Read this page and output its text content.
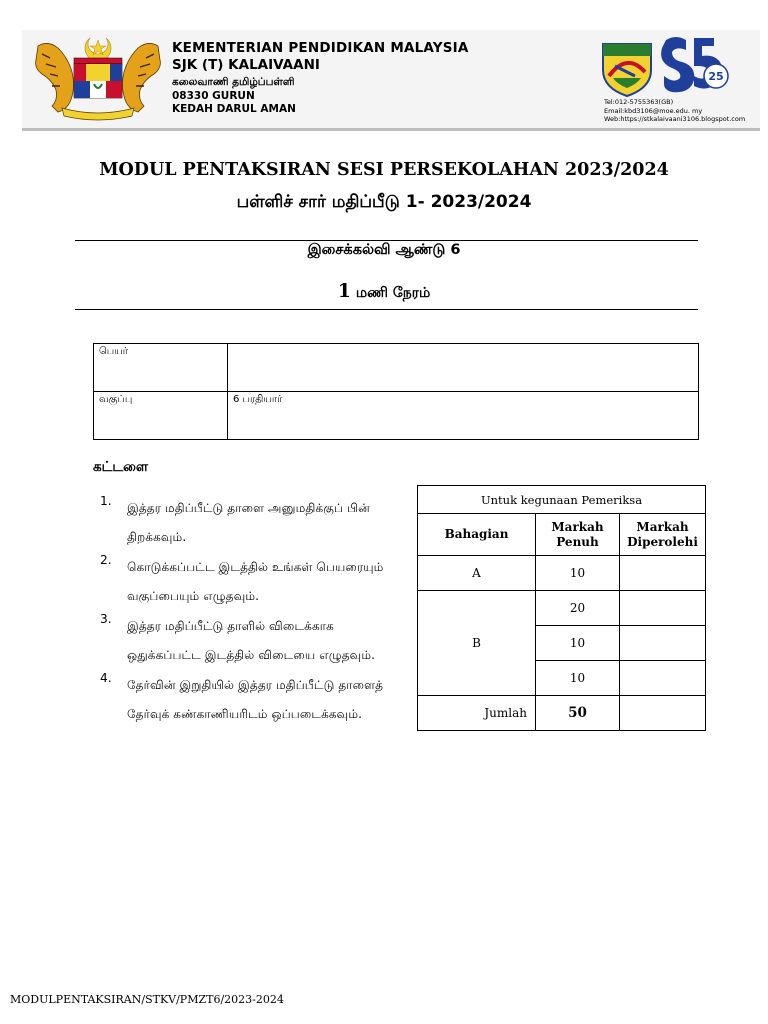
KEMENTERIAN PENDIDIKAN MALAYSIA
SJK (T) KALAIVAANI
கலைவாணி தமிழ்ப்பள்ளி
08330 GURUN
KEDAH DARUL AMAN
25
Tel:012-5755363(GB)
Email:kbd3106@moe.edu. my
Web:https://stkalaivaani3106.blogspot.com
MODUL PENTAKSIRAN SESI PERSEKOLAHAN 2023/2024
பள்ளிச் சார் மதிப்பீடு 1- 2023/2024
இசைக்கல்வி ஆண்டு 6
1 மணி நேரம்
பெயர்	
வகுப்பு	6 பரதியார்
கட்டளை
1. இத்தர மதிப்பீட்டு தாளை அனுமதிக்குப் பின் திறக்கவும்.
2. கொடுக்கப்பட்ட இடத்தில் உங்கள் பெயரையும் வகுப்பையும் எழுதவும்.
3. இத்தர மதிப்பீட்டு தாளில் விடைக்காக ஒதுக்கப்பட்ட இடத்தில் விடையை எழுதவும்.
4. தேர்வின் இறுதியில் இத்தர மதிப்பீட்டு தாளைத் தேர்வுக் கண்காணியரிடம் ஒப்படைக்கவும்.
Untuk kegunaan Pemeriksa		
Bahagian	Markah Penuh	Markah Diperolehi
A	10	
B	20	
	10	
	10	
Jumlah	50	
MODULPENTAKSIRAN/STKV/PMZT6/2023-2024
